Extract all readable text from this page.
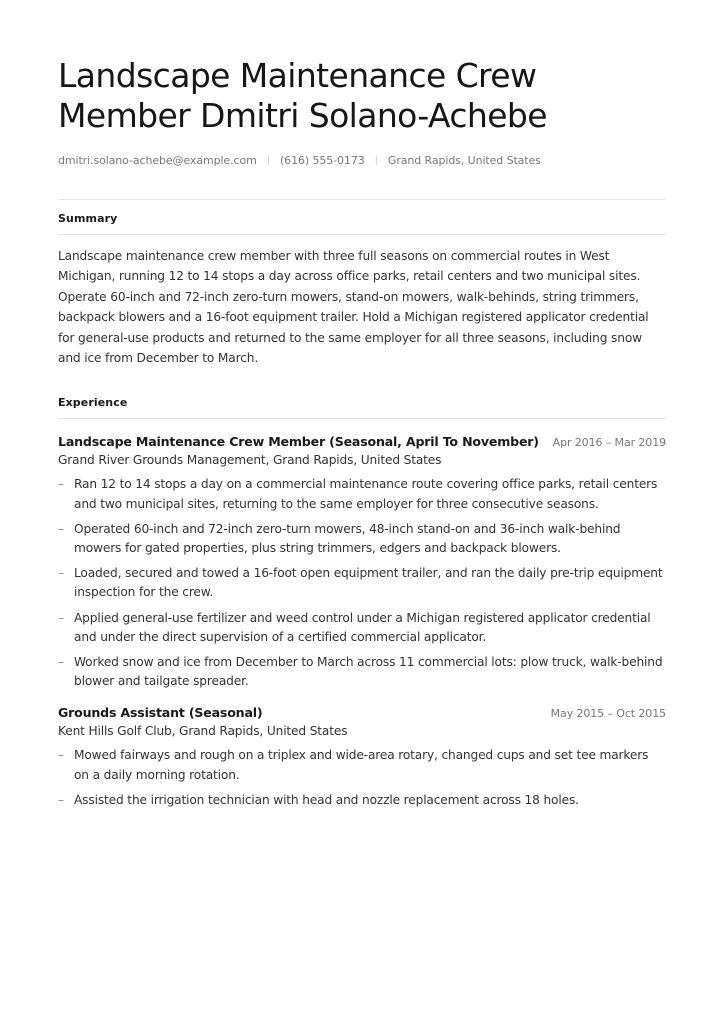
Landscape Maintenance Crew Member Dmitri Solano-Achebe
dmitri.solano-achebe@example.com | (616) 555-0173 | Grand Rapids, United States
Summary

Landscape maintenance crew member with three full seasons on commercial routes in West Michigan, running 12 to 14 stops a day across office parks, retail centers and two municipal sites. Operate 60-inch and 72-inch zero-turn mowers, stand-on mowers, walk-behinds, string trimmers, backpack blowers and a 16-foot equipment trailer. Hold a Michigan registered applicator credential for general-use products and returned to the same employer for all three seasons, including snow and ice from December to March.

Experience
Landscape Maintenance Crew Member (Seasonal, April To November) Apr 2016 – Mar 2019
Grand River Grounds Management, Grand Rapids, United States
– Ran 12 to 14 stops a day on a commercial maintenance route covering office parks, retail centers and two municipal sites, returning to the same employer for three consecutive seasons.
– Operated 60-inch and 72-inch zero-turn mowers, 48-inch stand-on and 36-inch walk-behind mowers for gated properties, plus string trimmers, edgers and backpack blowers.
– Loaded, secured and towed a 16-foot open equipment trailer, and ran the daily pre-trip equipment inspection for the crew.
– Applied general-use fertilizer and weed control under a Michigan registered applicator credential and under the direct supervision of a certified commercial applicator.
– Worked snow and ice from December to March across 11 commercial lots: plow truck, walk-behind blower and tailgate spreader.
Grounds Assistant (Seasonal)	May 2015 – Oct 2015
Kent Hills Golf Club, Grand Rapids, United States
– Mowed fairways and rough on a triplex and wide-area rotary, changed cups and set tee markers on a daily morning rotation.
– Assisted the irrigation technician with head and nozzle replacement across 18 holes.
